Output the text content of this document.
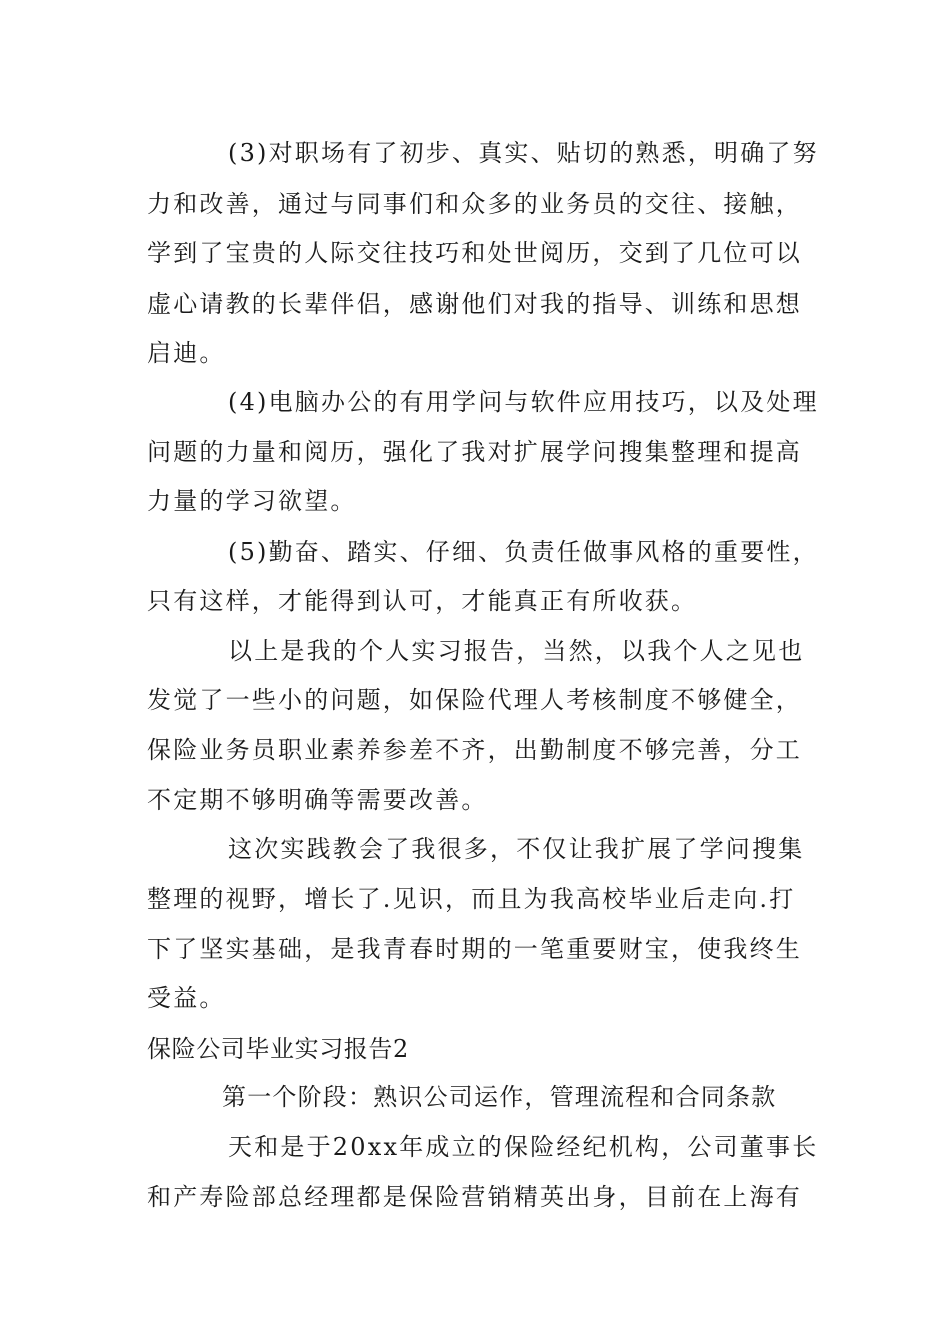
(3)对职场有了初步、真实、贴切的熟悉，明确了努
力和改善，通过与同事们和众多的业务员的交往、接触，
学到了宝贵的人际交往技巧和处世阅历，交到了几位可以
虚心请教的长辈伴侣，感谢他们对我的指导、训练和思想
启迪。
(4)电脑办公的有用学问与软件应用技巧，以及处理
问题的力量和阅历，强化了我对扩展学问搜集整理和提高
力量的学习欲望。
(5)勤奋、踏实、仔细、负责任做事风格的重要性，
只有这样，才能得到认可，才能真正有所收获。
以上是我的个人实习报告，当然，以我个人之见也
发觉了一些小的问题，如保险代理人考核制度不够健全，
保险业务员职业素养参差不齐，出勤制度不够完善，分工
不定期不够明确等需要改善。
这次实践教会了我很多，不仅让我扩展了学问搜集
整理的视野，增长了.见识，而且为我高校毕业后走向.打
下了坚实基础，是我青春时期的一笔重要财宝，使我终生
受益。
保险公司毕业实习报告2
第一个阶段：熟识公司运作，管理流程和合同条款
天和是于20xx年成立的保险经纪机构，公司董事长
和产寿险部总经理都是保险营销精英出身，目前在上海有
